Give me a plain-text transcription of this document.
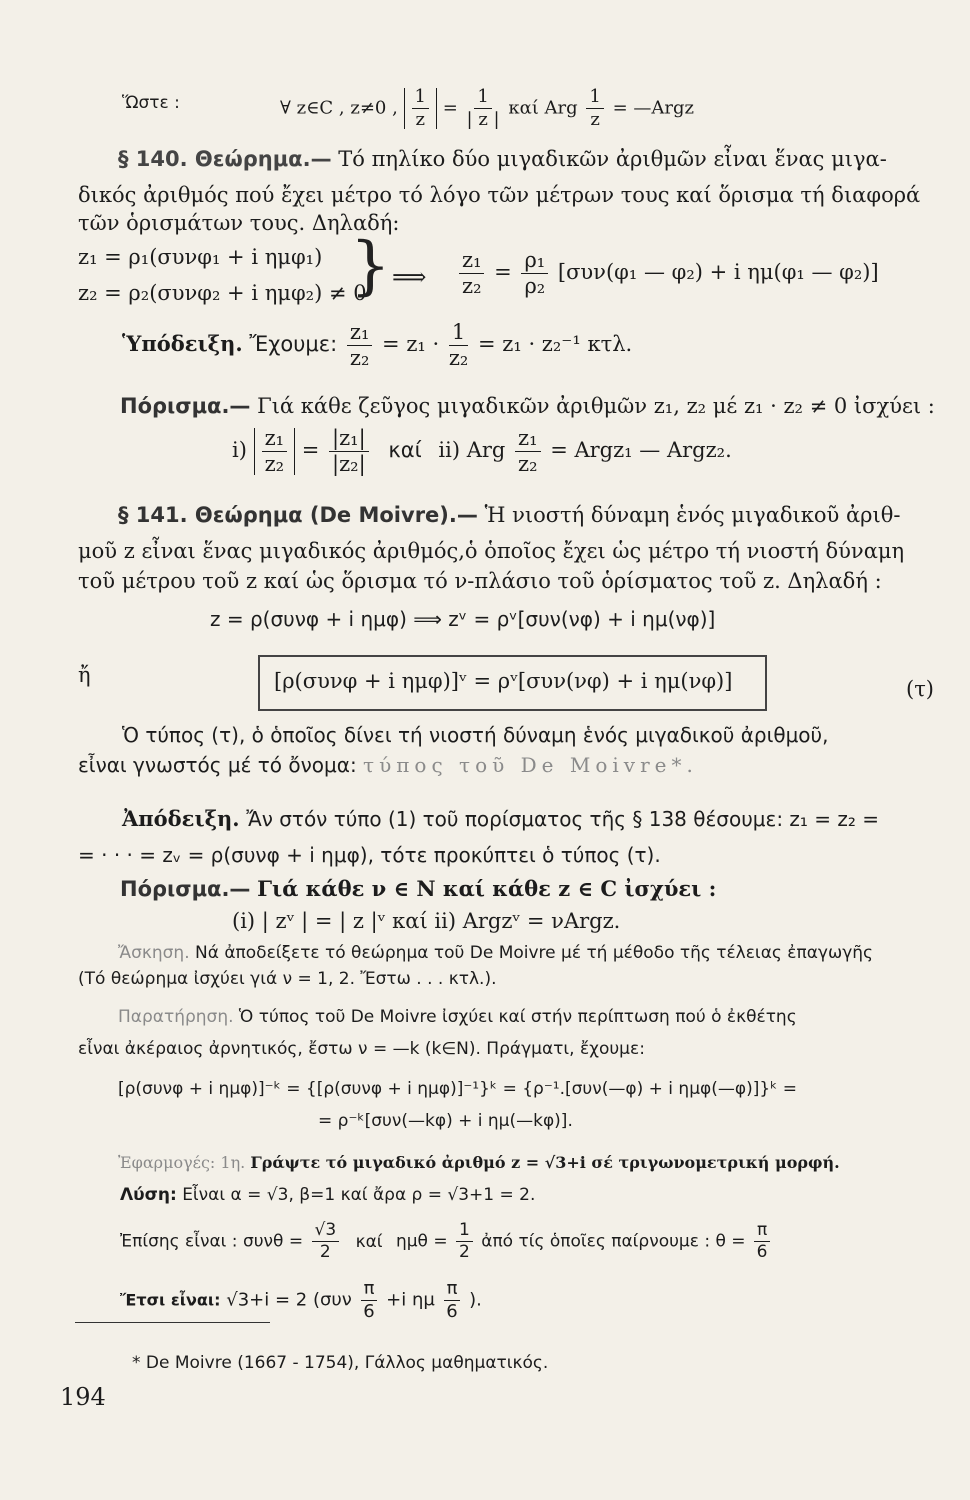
Ὥστε :	∀ z∈C , z≠0 , $\frac{1}{z} = \frac{1}{| z |}$ καί Arg $\frac{1}{z}$ = —Argz
§ 140. Θεώρημα.— Τό πηλίκο δύο μιγαδικῶν ἀριθμῶν εἶναι ἕνας μιγα-
δικός ἀριθμός πού ἔχει μέτρο τό λόγο τῶν μέτρων τους καί ὅρισμα τή διαφορά
τῶν ὁρισμάτων τους. Δηλαδή:
z₁ = ρ₁(συνφ₁ + i ημφ₁)
z₂ = ρ₂(συνφ₂ + i ημφ₂) ≠ 0
} ⟹ $\frac{\text{z₁}}{\text{z₂}} = \frac{\text{ρ₁}}{\text{ρ₂}} [\sigma\upsilon\nu(\varphi_1$ — φ₂) + i ημ(φ₁ — φ₂)]
Ὑπόδειξη. Ἔχουμε: $\frac{\text{z₁}}{\text{z₂}} = z_1 \cdot \frac{1}{\text{z₂}} = z_1 \cdot z_2^{-1}$ κτλ.
Πόρισμα.— Γιά κάθε ζεῦγος μιγαδικῶν ἀριθμῶν z₁, z₂ μέ z₁ · z₂ ≠ 0 ἰσχύει :
$i) \frac{\text{z₁}}{\text{z₂}} = \frac{\text{|z₁|}}{\text{|z₂|}}$ καί ii) Arg $\frac{\text{z₁}}{\text{z₂}}$ = Argz₁ — Argz₂.
§ 141. Θεώρημα (De Moivre).— Ἡ νιοστή δύναμη ἑνός μιγαδικοῦ ἀριθ-
μοῦ z εἶναι ἕνας μιγαδικός ἀριθμός,ὁ ὁποῖος ἔχει ὡς μέτρο τή νιοστή δύναμη
τοῦ μέτρου τοῦ z καί ὡς ὅρισμα τό ν-πλάσιο τοῦ ὁρίσματος τοῦ z. Δηλαδή :
z = ρ(συνφ + i ημφ) ⟹ zᵛ = ρᵛ[συν(νφ) + i ημ(νφ)]
ἤ	[ρ(συνφ + i ημφ)]ᵛ = ρᵛ[συν(νφ) + i ημ(νφ)]	(τ)
Ὁ τύπος (τ), ὁ ὁποῖος δίνει τή νιοστή δύναμη ἑνός μιγαδικοῦ ἀριθμοῦ,
εἶναι γνωστός μέ τό ὄνομα: τύπος τοῦ De Moivre*.
Ἀπόδειξη. Ἄν στόν τύπο (1) τοῦ πορίσματος τῆς § 138 θέσουμε: z₁ = z₂ =
= · · · = zᵥ = ρ(συνφ + i ημφ), τότε προκύπτει ὁ τύπος (τ).
Πόρισμα.— Γιά κάθε ν ∈ N καί κάθε z ∈ C ἰσχύει :
(i) | zᵛ | = | z |ᵛ καί ii) Argzᵛ = νArgz.
Ἄσκηση. Νά ἀποδείξετε τό θεώρημα τοῦ De Moivre μέ τή μέθοδο τῆς τέλειας ἐπαγωγῆς
(Τό θεώρημα ἰσχύει γιά ν = 1, 2. Ἔστω . . . κτλ.).
Παρατήρηση. Ὁ τύπος τοῦ De Moivre ἰσχύει καί στήν περίπτωση πού ὁ ἐκθέτης
εἶναι ἀκέραιος ἀρνητικός, ἔστω ν = —k (k∈N). Πράγματι, ἔχουμε:
[ρ(συνφ + i ημφ)]⁻ᵏ = {[ρ(συνφ + i ημφ)]⁻¹}ᵏ = {ρ⁻¹.[συν(—φ) + i ημφ(—φ)]}ᵏ =
= ρ⁻ᵏ[συν(—kφ) + i ημ(—kφ)].
Ἐφαρμογές: 1η. Γράψτε τό μιγαδικό ἀριθμό z = √3+i σέ τριγωνομετρική μορφή.
Λύση: Εἶναι α = √3, β=1 καί ἄρα ρ = √3+1 = 2.
Ἐπίσης εἶναι : $\sigma\upsilon\nu\theta = \frac{√3}{2}$ καί $\eta\mu\theta = \frac{1}{2}$ ἀπό τίς ὁποῖες παίρνουμε : $\theta = \frac{\pi}{6}$
Ἔτσι εἶναι: √3+i = 2 ($\sigma\upsilon\nu \frac{\pi}{6} +i$ ημ $\frac{\pi}{6}$ ).
* De Moivre (1667 - 1754), Γάλλος μαθηματικός.
194
